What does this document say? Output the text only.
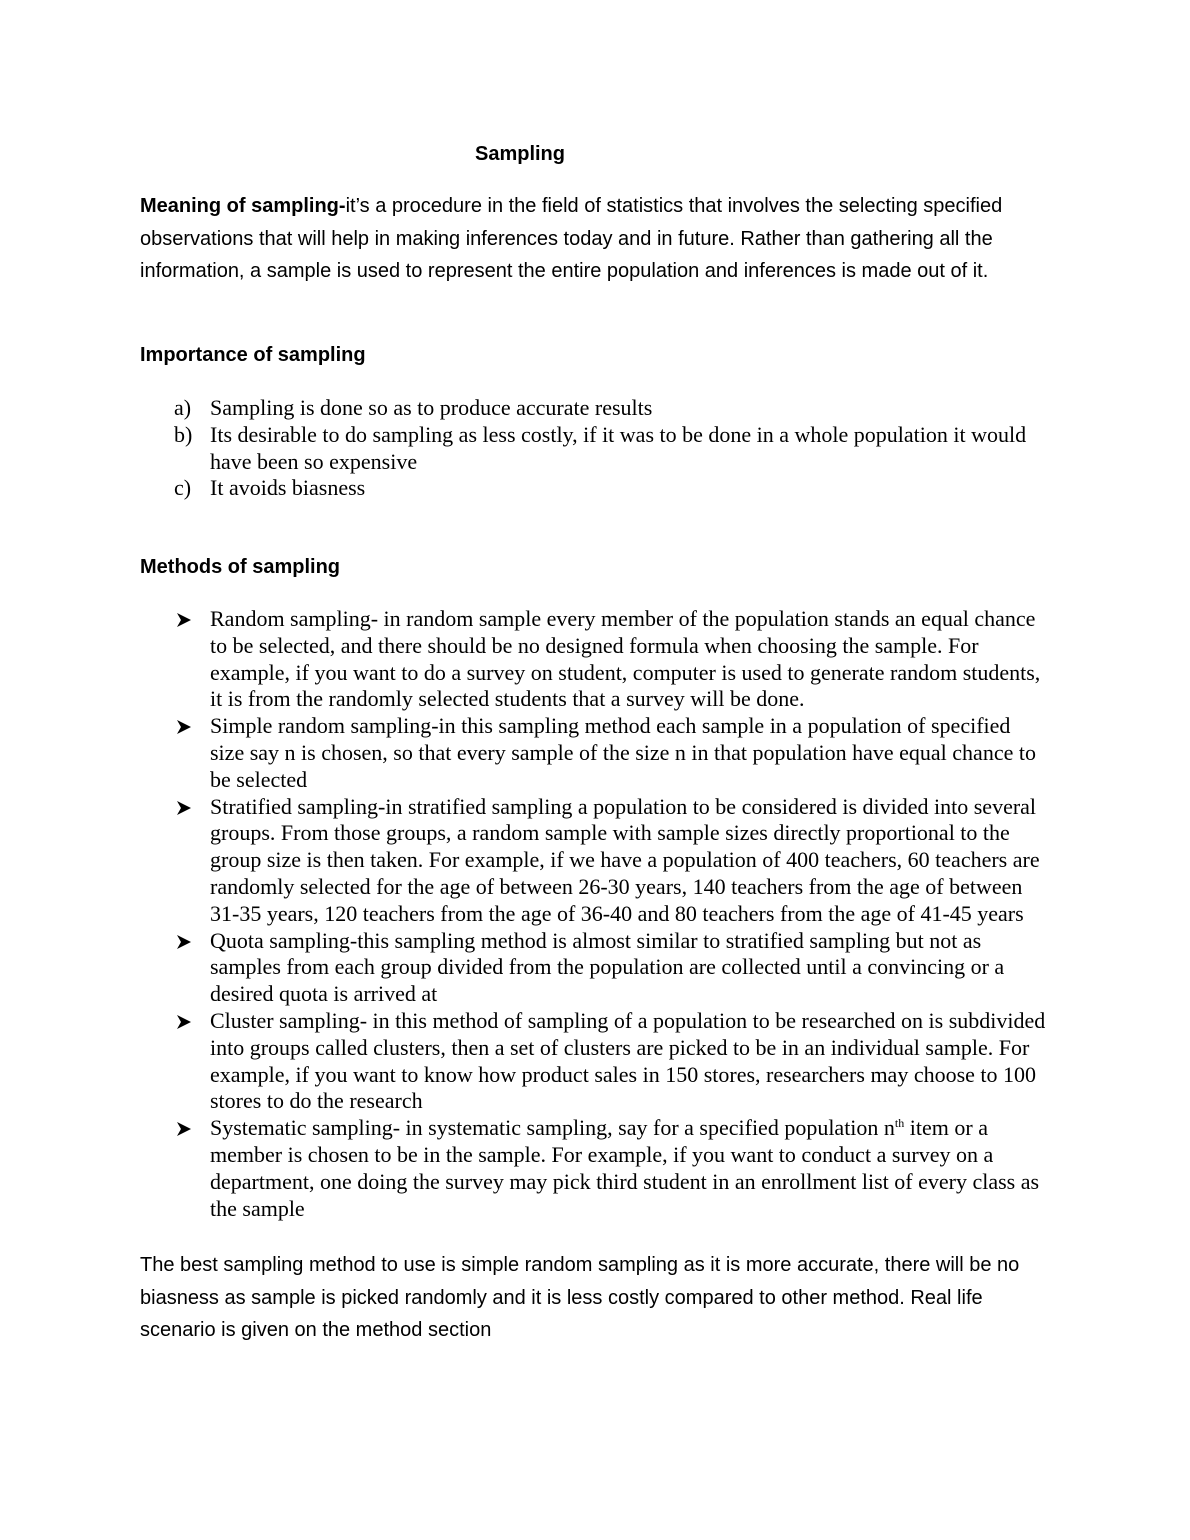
Sampling

Meaning of sampling-it’s a procedure in the field of statistics that involves the selecting specified observations that will help in making inferences today and in future. Rather than gathering all the information, a sample is used to represent the entire population and inferences is made out of it.

Importance of sampling
a) Sampling is done so as to produce accurate results
b) Its desirable to do sampling as less costly, if it was to be done in a whole population it would have been so expensive
c) It avoids biasness
Methods of sampling
Random sampling- in random sample every member of the population stands an equal chance to be selected, and there should be no designed formula when choosing the sample. For example, if you want to do a survey on student, computer is used to generate random students, it is from the randomly selected students that a survey will be done.
Simple random sampling-in this sampling method each sample in a population of specified size say n is chosen, so that every sample of the size n in that population have equal chance to be selected
Stratified sampling-in stratified sampling a population to be considered is divided into several groups. From those groups, a random sample with sample sizes directly proportional to the group size is then taken. For example, if we have a population of 400 teachers, 60 teachers are randomly selected for the age of between 26-30 years, 140 teachers from the age of between 31-35 years, 120 teachers from the age of 36-40 and 80 teachers from the age of 41-45 years
Quota sampling-this sampling method is almost similar to stratified sampling but not as samples from each group divided from the population are collected until a convincing or a desired quota is arrived at
Cluster sampling- in this method of sampling of a population to be researched on is subdivided into groups called clusters, then a set of clusters are picked to be in an individual sample. For example, if you want to know how product sales in 150 stores, researchers may choose to 100 stores to do the research
Systematic sampling- in systematic sampling, say for a specified population $n^{th}$ item or a member is chosen to be in the sample. For example, if you want to conduct a survey on a department, one doing the survey may pick third student in an enrollment list of every class as the sample

The best sampling method to use is simple random sampling as it is more accurate, there will be no biasness as sample is picked randomly and it is less costly compared to other method. Real life scenario is given on the method section
